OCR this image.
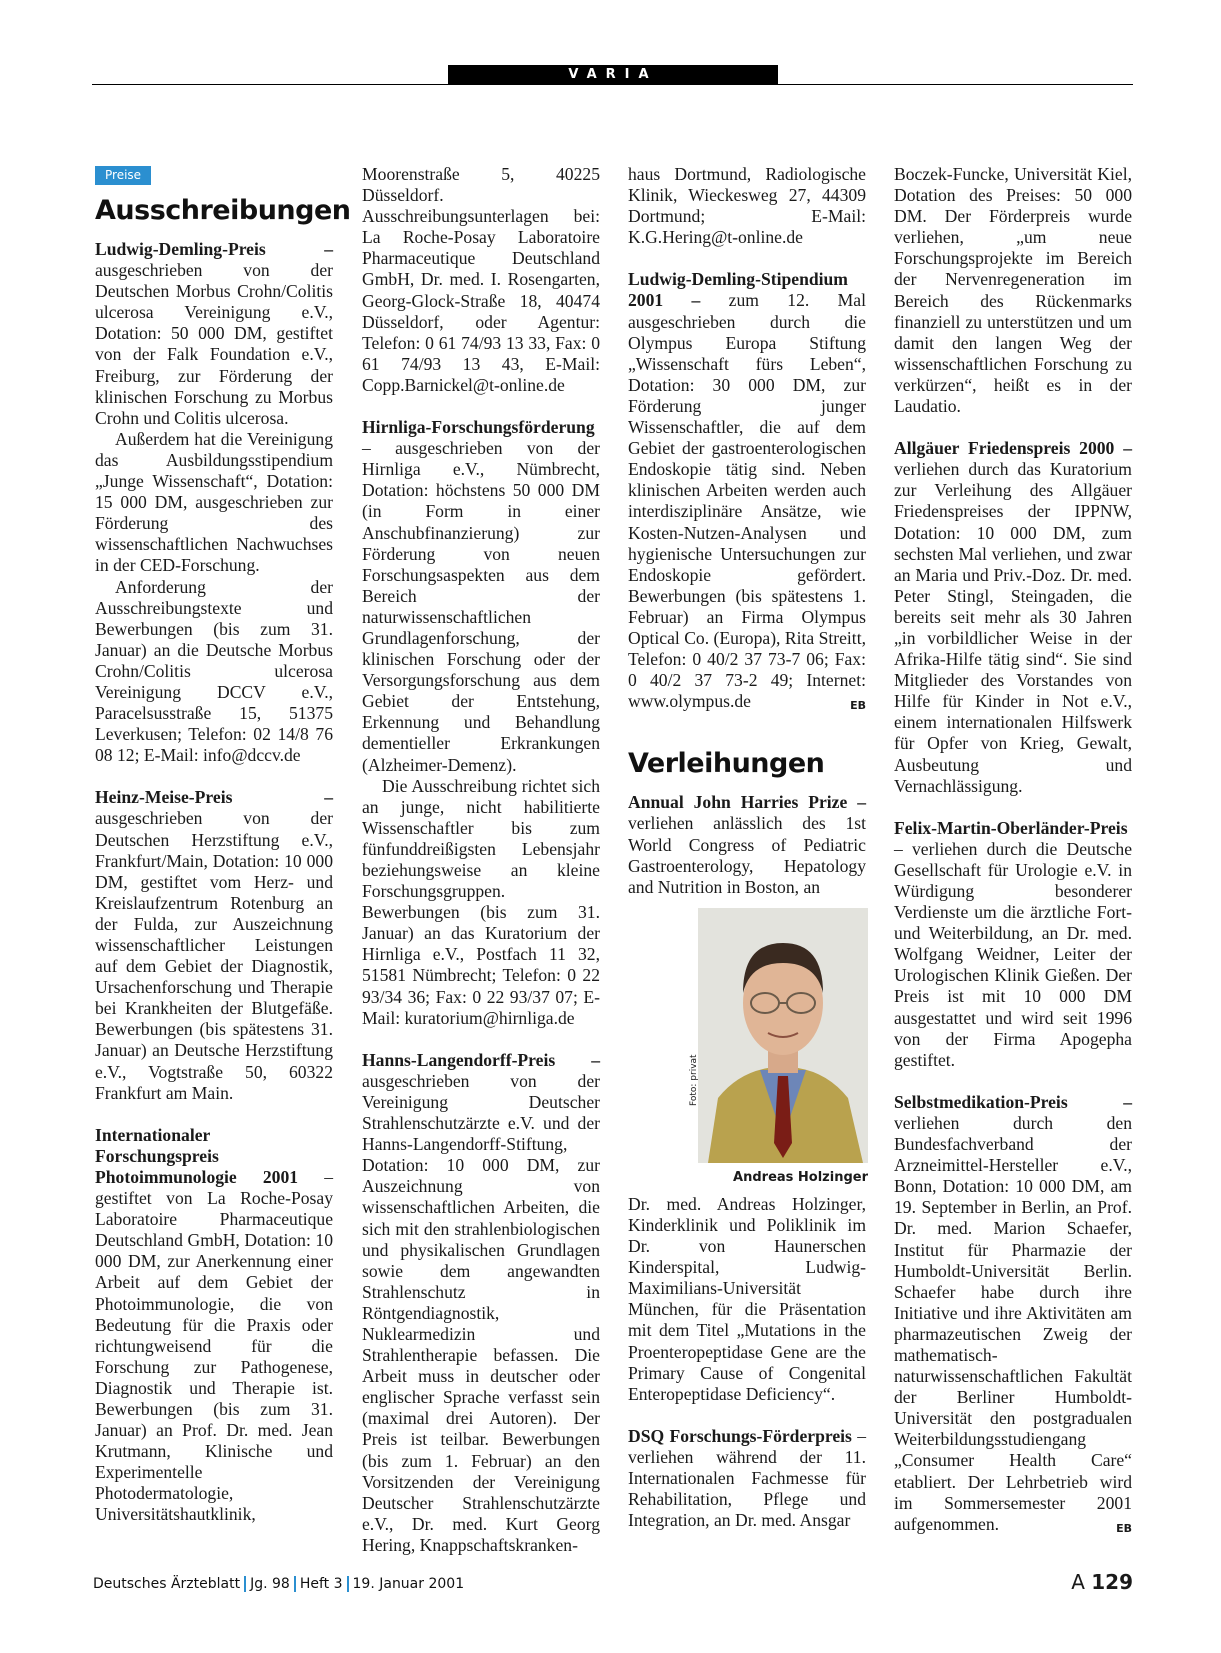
VARIA
Preise
Ausschreibungen

Ludwig-Demling-Preis – ausgeschrieben von der Deutschen Morbus Crohn/Colitis ulcerosa Vereinigung e.V., Dotation: 50 000 DM, gestiftet von der Falk Foundation e.V., Freiburg, zur Förderung der klinischen Forschung zu Morbus Crohn und Colitis ulcerosa.

Außerdem hat die Vereinigung das Ausbildungsstipendium „Junge Wissenschaft“, Dotation: 15 000 DM, ausgeschrieben zur Förderung des wissenschaftlichen Nachwuchses in der CED-Forschung.

Anforderung der Ausschreibungstexte und Bewerbungen (bis zum 31. Januar) an die Deutsche Morbus Crohn/Colitis ulcerosa Vereinigung DCCV e.V., Paracelsusstraße 15, 51375 Leverkusen; Telefon: 02 14/8 76 08 12; E-Mail: info@dccv.de

Heinz-Meise-Preis – ausgeschrieben von der Deutschen Herzstiftung e.V., Frankfurt/Main, Dotation: 10 000 DM, gestiftet vom Herz- und Kreislaufzentrum Rotenburg an der Fulda, zur Auszeichnung wissenschaftlicher Leistungen auf dem Gebiet der Diagnostik, Ursachenforschung und Therapie bei Krankheiten der Blutgefäße. Bewerbungen (bis spätestens 31. Januar) an Deutsche Herzstiftung e.V., Vogtstraße 50, 60322 Frankfurt am Main.

Internationaler Forschungspreis Photoimmunologie 2001 – gestiftet von La Roche-Posay Laboratoire Pharmaceutique Deutschland GmbH, Dotation: 10 000 DM, zur Anerkennung einer Arbeit auf dem Gebiet der Photoimmunologie, die von Bedeutung für die Praxis oder richtungweisend für die Forschung zur Pathogenese, Diagnostik und Therapie ist. Bewerbungen (bis zum 31. Januar) an Prof. Dr. med. Jean Krutmann, Klinische und Experimentelle Photodermatologie, Universitätshautklinik,

Moorenstraße 5, 40225 Düsseldorf. Ausschreibungsunterlagen bei: La Roche-Posay Laboratoire Pharmaceutique Deutschland GmbH, Dr. med. I. Rosengarten, Georg-Glock-Straße 18, 40474 Düsseldorf, oder Agentur: Telefon: 0 61 74/93 13 33, Fax: 0 61 74/93 13 43, E-Mail: Copp.Barnickel@t-online.de

Hirnliga-Forschungsförderung – ausgeschrieben von der Hirnliga e.V., Nümbrecht, Dotation: höchstens 50 000 DM (in Form in einer Anschubfinanzierung) zur Förderung von neuen Forschungsaspekten aus dem Bereich der naturwissenschaftlichen Grundlagenforschung, der klinischen Forschung oder der Versorgungsforschung aus dem Gebiet der Entstehung, Erkennung und Behandlung dementieller Erkrankungen (Alzheimer-Demenz).

Die Ausschreibung richtet sich an junge, nicht habilitierte Wissenschaftler bis zum fünfunddreißigsten Lebensjahr beziehungsweise an kleine Forschungsgruppen. Bewerbungen (bis zum 31. Januar) an das Kuratorium der Hirnliga e.V., Postfach 11 32, 51581 Nümbrecht; Telefon: 0 22 93/34 36; Fax: 0 22 93/37 07; E-Mail: kuratorium@hirnliga.de

Hanns-Langendorff-Preis – ausgeschrieben von der Vereinigung Deutscher Strahlenschutzärzte e.V. und der Hanns-Langendorff-Stiftung, Dotation: 10 000 DM, zur Auszeichnung von wissenschaftlichen Arbeiten, die sich mit den strahlenbiologischen und physikalischen Grundlagen sowie dem angewandten Strahlenschutz in Röntgendiagnostik, Nuklearmedizin und Strahlentherapie befassen. Die Arbeit muss in deutscher oder englischer Sprache verfasst sein (maximal drei Autoren). Der Preis ist teilbar. Bewerbungen (bis zum 1. Februar) an den Vorsitzenden der Vereinigung Deutscher Strahlenschutzärzte e.V., Dr. med. Kurt Georg Hering, Knappschaftskranken-

haus Dortmund, Radiologische Klinik, Wieckesweg 27, 44309 Dortmund; E-Mail: K.G.Hering@t-online.de

Ludwig-Demling-Stipendium 2001 – zum 12. Mal ausgeschrieben durch die Olympus Europa Stiftung „Wissenschaft fürs Leben“, Dotation: 30 000 DM, zur Förderung junger Wissenschaftler, die auf dem Gebiet der gastroenterologischen Endoskopie tätig sind. Neben klinischen Arbeiten werden auch interdisziplinäre Ansätze, wie Kosten-Nutzen-Analysen und hygienische Untersuchungen zur Endoskopie gefördert. Bewerbungen (bis spätestens 1. Februar) an Firma Olympus Optical Co. (Europa), Rita Streitt, Telefon: 0 40/2 37 73-7 06; Fax: 0 40/2 37 73-2 49; Internet: www.olympus.de	EB

Verleihungen

Annual John Harries Prize – verliehen anlässlich des 1st World Congress of Pediatric Gastroenterology, Hepatology and Nutrition in Boston, an

Foto: privat
Andreas Holzinger

Dr. med. Andreas Holzinger, Kinderklinik und Poliklinik im Dr. von Haunerschen Kinderspital, Ludwig-Maximilians-Universität München, für die Präsentation mit dem Titel „Mutations in the Proenteropeptidase Gene are the Primary Cause of Congenital Enteropeptidase Deficiency“.

DSQ Forschungs-Förderpreis – verliehen während der 11. Internationalen Fachmesse für Rehabilitation, Pflege und Integration, an Dr. med. Ansgar

Boczek-Funcke, Universität Kiel, Dotation des Preises: 50 000 DM. Der Förderpreis wurde verliehen, „um neue Forschungsprojekte im Bereich der Nervenregeneration im Bereich des Rückenmarks finanziell zu unterstützen und um damit den langen Weg der wissenschaftlichen Forschung zu verkürzen“, heißt es in der Laudatio.

Allgäuer Friedenspreis 2000 – verliehen durch das Kuratorium zur Verleihung des Allgäuer Friedenspreises der IPPNW, Dotation: 10 000 DM, zum sechsten Mal verliehen, und zwar an Maria und Priv.-Doz. Dr. med. Peter Stingl, Steingaden, die bereits seit mehr als 30 Jahren „in vorbildlicher Weise in der Afrika-Hilfe tätig sind“. Sie sind Mitglieder des Vorstandes von Hilfe für Kinder in Not e.V., einem internationalen Hilfswerk für Opfer von Krieg, Gewalt, Ausbeutung und Vernachlässigung.

Felix-Martin-Oberländer-Preis – verliehen durch die Deutsche Gesellschaft für Urologie e.V. in Würdigung besonderer Verdienste um die ärztliche Fort- und Weiterbildung, an Dr. med. Wolfgang Weidner, Leiter der Urologischen Klinik Gießen. Der Preis ist mit 10 000 DM ausgestattet und wird seit 1996 von der Firma Apogepha gestiftet.

Selbstmedikation-Preis – verliehen durch den Bundesfachverband der Arzneimittel-Hersteller e.V., Bonn, Dotation: 10 000 DM, am 19. September in Berlin, an Prof. Dr. med. Marion Schaefer, Institut für Pharmazie der Humboldt-Universität Berlin. Schaefer habe durch ihre Initiative und ihre Aktivitäten am pharmazeutischen Zweig der mathematisch-naturwissenschaftlichen Fakultät der Berliner Humboldt-Universität den postgradualen Weiterbildungsstudiengang „Consumer Health Care“ etabliert. Der Lehrbetrieb wird im Sommersemester 2001 aufgenommen.	EB

Deutsches Ärzteblatt Jg. 98 Heft 3 19. Januar 2001	A 129
